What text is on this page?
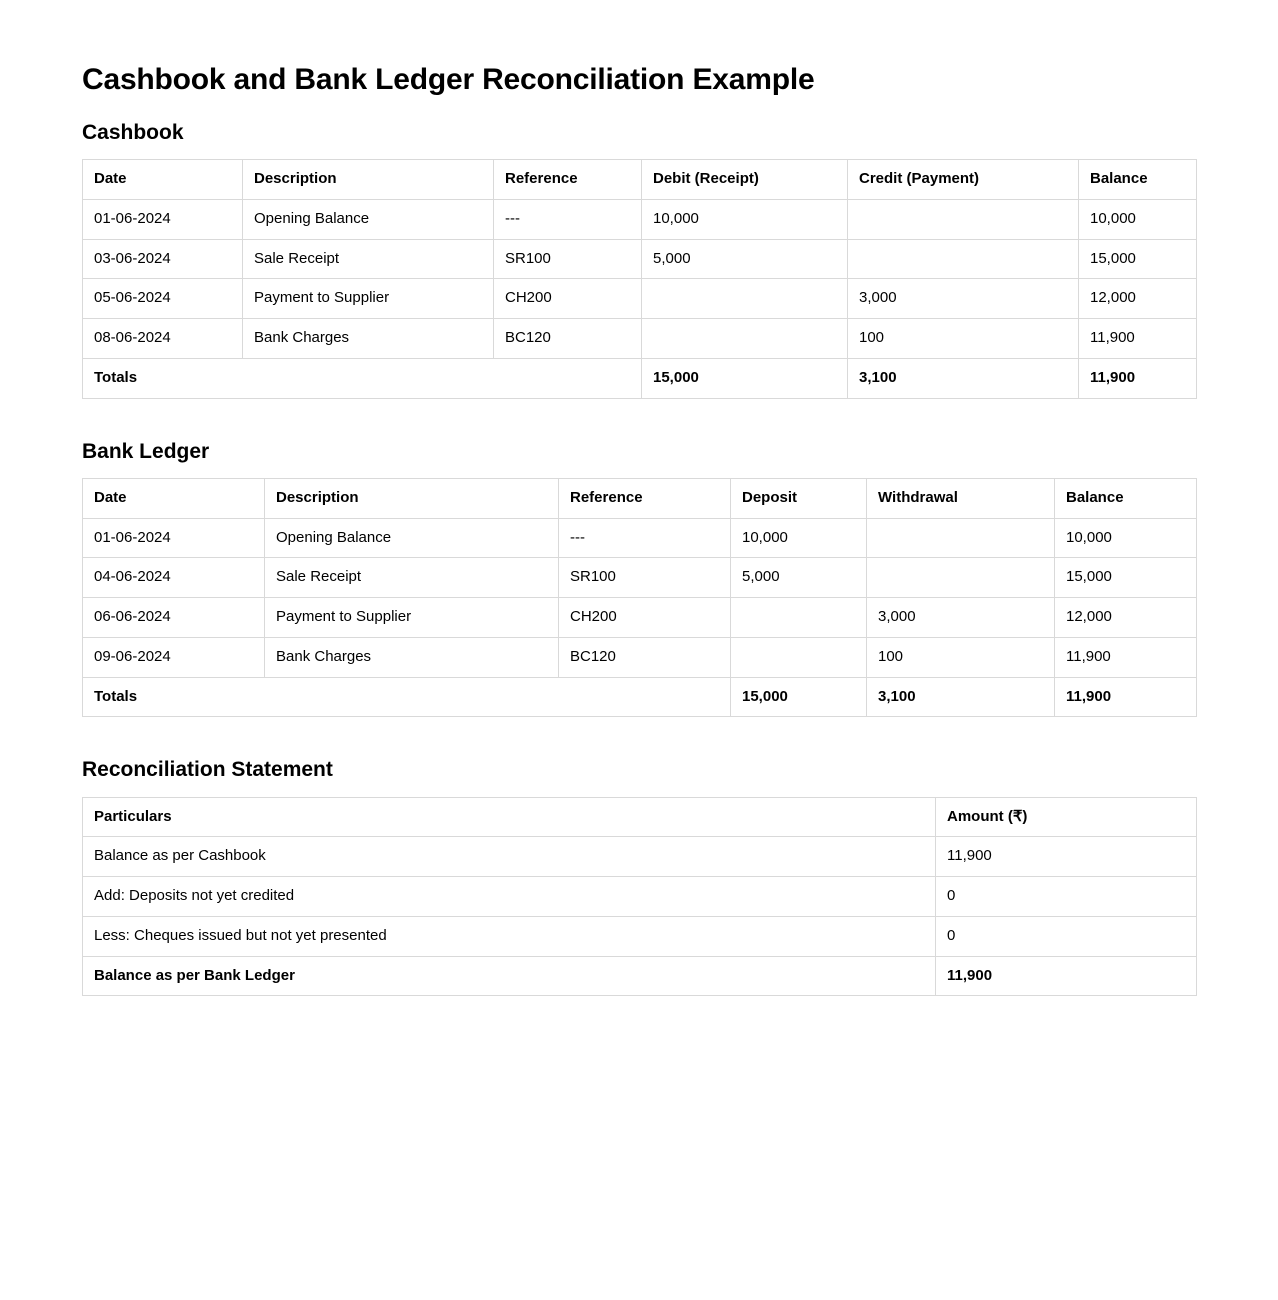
Cashbook and Bank Ledger Reconciliation Example
Cashbook
Date	Description	Reference	Debit (Receipt)	Credit (Payment)	Balance
01-06-2024	Opening Balance	---	10,000		10,000
03-06-2024	Sale Receipt	SR100	5,000		15,000
05-06-2024	Payment to Supplier	CH200		3,000	12,000
08-06-2024	Bank Charges	BC120		100	11,900
Totals			15,000	3,100	11,900
Bank Ledger
Date	Description	Reference	Deposit	Withdrawal	Balance
01-06-2024	Opening Balance	---	10,000		10,000
04-06-2024	Sale Receipt	SR100	5,000		15,000
06-06-2024	Payment to Supplier	CH200		3,000	12,000
09-06-2024	Bank Charges	BC120		100	11,900
Totals			15,000	3,100	11,900
Reconciliation Statement
Particulars	Amount (₹)
Balance as per Cashbook	11,900
Add: Deposits not yet credited	0
Less: Cheques issued but not yet presented	0
Balance as per Bank Ledger	11,900
